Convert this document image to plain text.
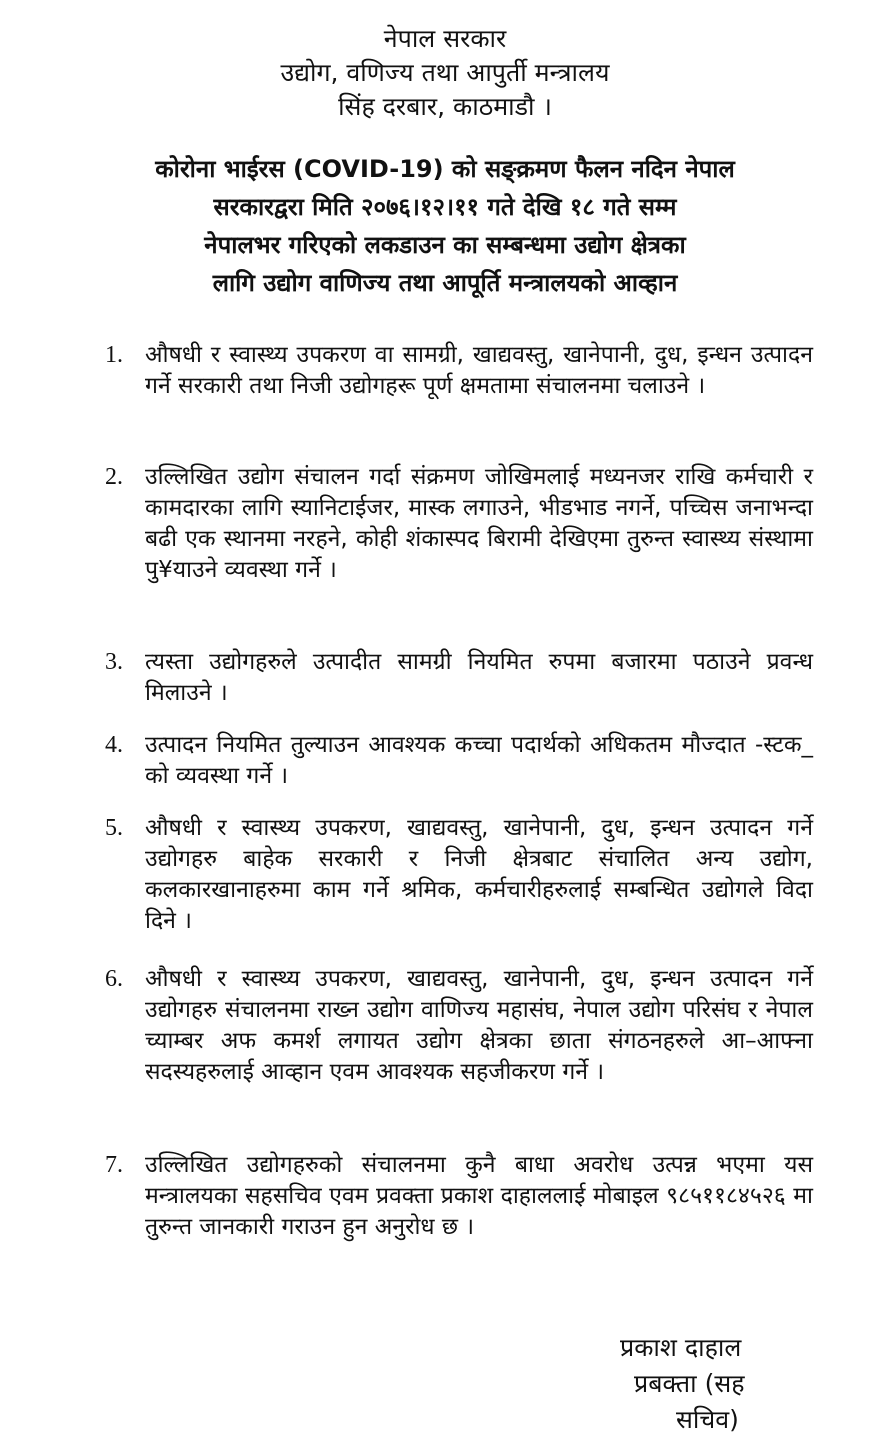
नेपाल सरकार
उद्योग, वणिज्य तथा आपुर्ती मन्त्रालय
सिंह दरबार, काठमाडौ ।
कोरोना भाईरस (COVID-19) को सङ्क्रमण फैलन नदिन नेपाल
सरकारद्वरा मिति २०७६।१२।११ गते देखि १८ गते सम्म
नेपालभर गरिएको लकडाउन का सम्बन्धमा उद्योग क्षेत्रका
लागि उद्योग वाणिज्य तथा आपूर्ति मन्त्रालयको आव्हान
1. औषधी र स्वास्थ्य उपकरण वा सामग्री, खाद्यवस्तु, खानेपानी, दुध, इन्धन उत्पादन गर्ने सरकारी तथा निजी उद्योगहरू पूर्ण क्षमतामा संचालनमा चलाउने ।
2. उल्लिखित उद्योग संचालन गर्दा संक्रमण जोखिमलाई मध्यनजर राखि कर्मचारी र कामदारका लागि स्यानिटाईजर, मास्क लगाउने, भीडभाड नगर्ने, पच्चिस जनाभन्दा बढी एक स्थानमा नरहने, कोही शंकास्पद बिरामी देखिएमा तुरुन्त स्वास्थ्य संस्थामा पु¥याउने व्यवस्था गर्ने ।
3. त्यस्ता उद्योगहरुले उत्पादीत सामग्री नियमित रुपमा बजारमा पठाउने प्रवन्ध मिलाउने ।
4. उत्पादन नियमित तुल्याउन आवश्यक कच्चा पदार्थको अधिकतम मौज्दात -स्टक_ को व्यवस्था गर्ने ।
5. औषधी र स्वास्थ्य उपकरण, खाद्यवस्तु, खानेपानी, दुध, इन्धन उत्पादन गर्ने उद्योगहरु बाहेक सरकारी र निजी क्षेत्रबाट संचालित अन्य उद्योग, कलकारखानाहरुमा काम गर्ने श्रमिक, कर्मचारीहरुलाई सम्बन्धित उद्योगले विदा दिने ।
6. औषधी र स्वास्थ्य उपकरण, खाद्यवस्तु, खानेपानी, दुध, इन्धन उत्पादन गर्ने उद्योगहरु संचालनमा राख्न उद्योग वाणिज्य महासंघ, नेपाल उद्योग परिसंघ र नेपाल च्याम्बर अफ कमर्श लगायत उद्योग क्षेत्रका छाता संगठनहरुले आ–आफ्ना सदस्यहरुलाई आव्हान एवम आवश्यक सहजीकरण गर्ने ।
7. उल्लिखित उद्योगहरुको संचालनमा कुनै बाधा अवरोध उत्पन्न भएमा यस मन्त्रालयका सहसचिव एवम प्रवक्ता प्रकाश दाहाललाई मोबाइल ९८५११८४५२६ मा तुरुन्त जानकारी गराउन हुन अनुरोध छ ।
प्रकाश दाहाल
प्रबक्ता (सह
सचिव)
